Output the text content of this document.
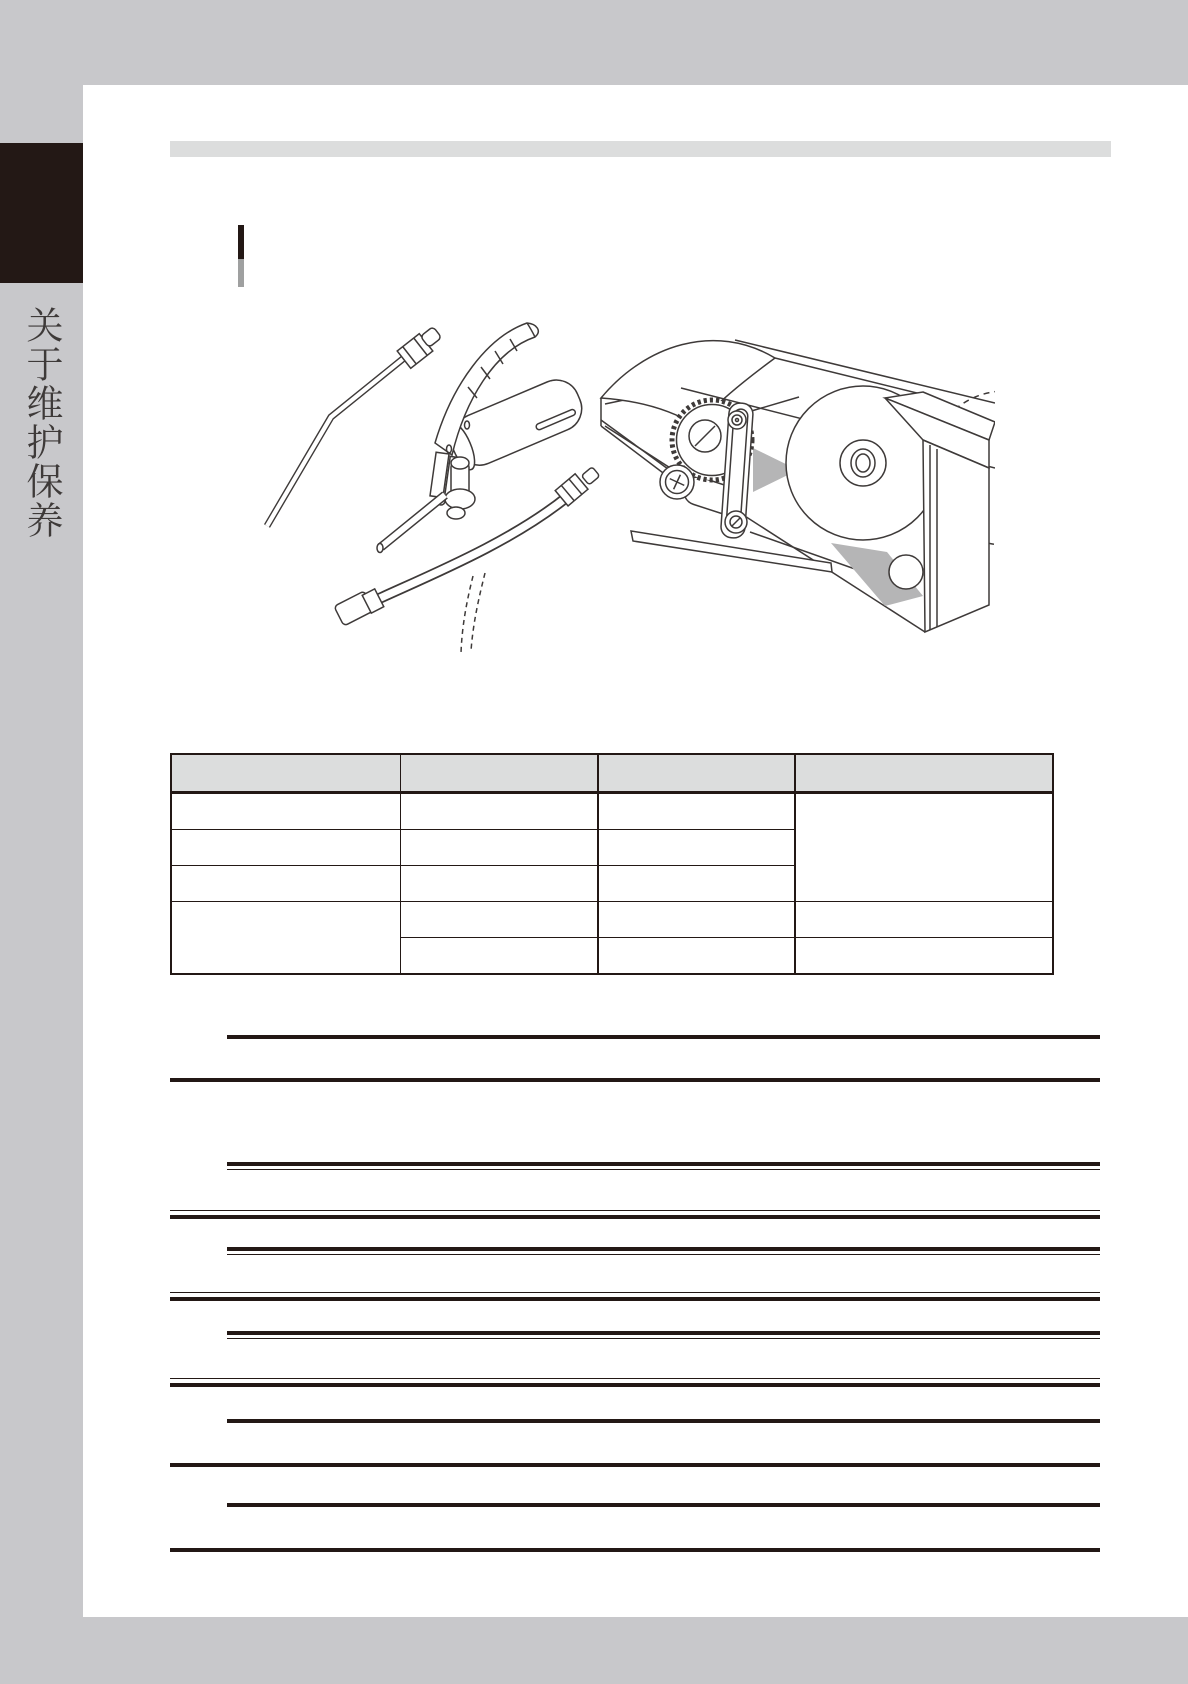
关于维护保养
